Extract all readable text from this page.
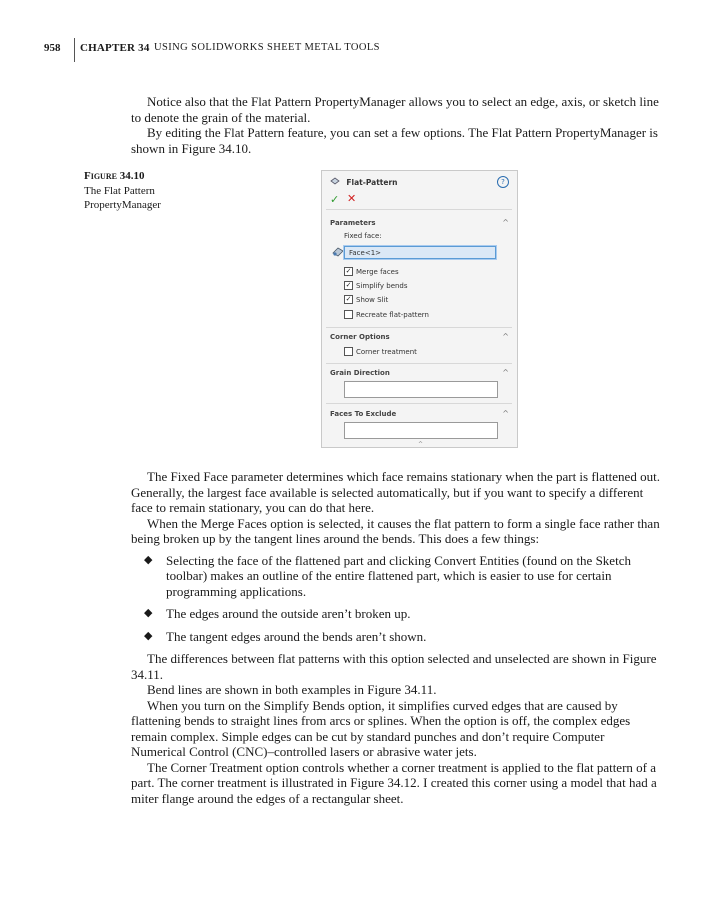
958 CHAPTER 34 USING SOLIDWORKS SHEET METAL TOOLS

Notice also that the Flat Pattern PropertyManager allows you to select an edge, axis, or sketch line to denote the grain of the material.

By editing the Flat Pattern feature, you can set a few options. The Flat Pattern PropertyManager is shown in Figure 34.10.

Figure 34.10
The Flat Pattern PropertyManager
Flat-Pattern	?
✓ ✕
Parameters	^
Fixed face:
Face<1>
✓ Merge faces
✓ Simplify bends
✓ Show Slit
Recreate flat-pattern
Corner Options	^
Corner treatment
Grain Direction	^
Faces To Exclude	^
^

The Fixed Face parameter determines which face remains stationary when the part is flattened out. Generally, the largest face available is selected automatically, but if you want to specify a different face to remain stationary, you can do that here.

When the Merge Faces option is selected, it causes the flat pattern to form a single face rather than being broken up by the tangent lines around the bends. This does a few things:

◆ Selecting the face of the flattened part and clicking Convert Entities (found on the Sketch toolbar) makes an outline of the entire flattened part, which is easier to use for certain programming applications.
◆ The edges around the outside aren’t broken up.
◆ The tangent edges around the bends aren’t shown.

The differences between flat patterns with this option selected and unselected are shown in Figure 34.11.

Bend lines are shown in both examples in Figure 34.11.

When you turn on the Simplify Bends option, it simplifies curved edges that are caused by flattening bends to straight lines from arcs or splines. When the option is off, the complex edges remain complex. Simple edges can be cut by standard punches and don’t require Computer Numerical Control (CNC)–controlled lasers or abrasive water jets.

The Corner Treatment option controls whether a corner treatment is applied to the flat pattern of a part. The corner treatment is illustrated in Figure 34.12. I created this corner using a model that had a miter flange around the edges of a rectangular sheet.
